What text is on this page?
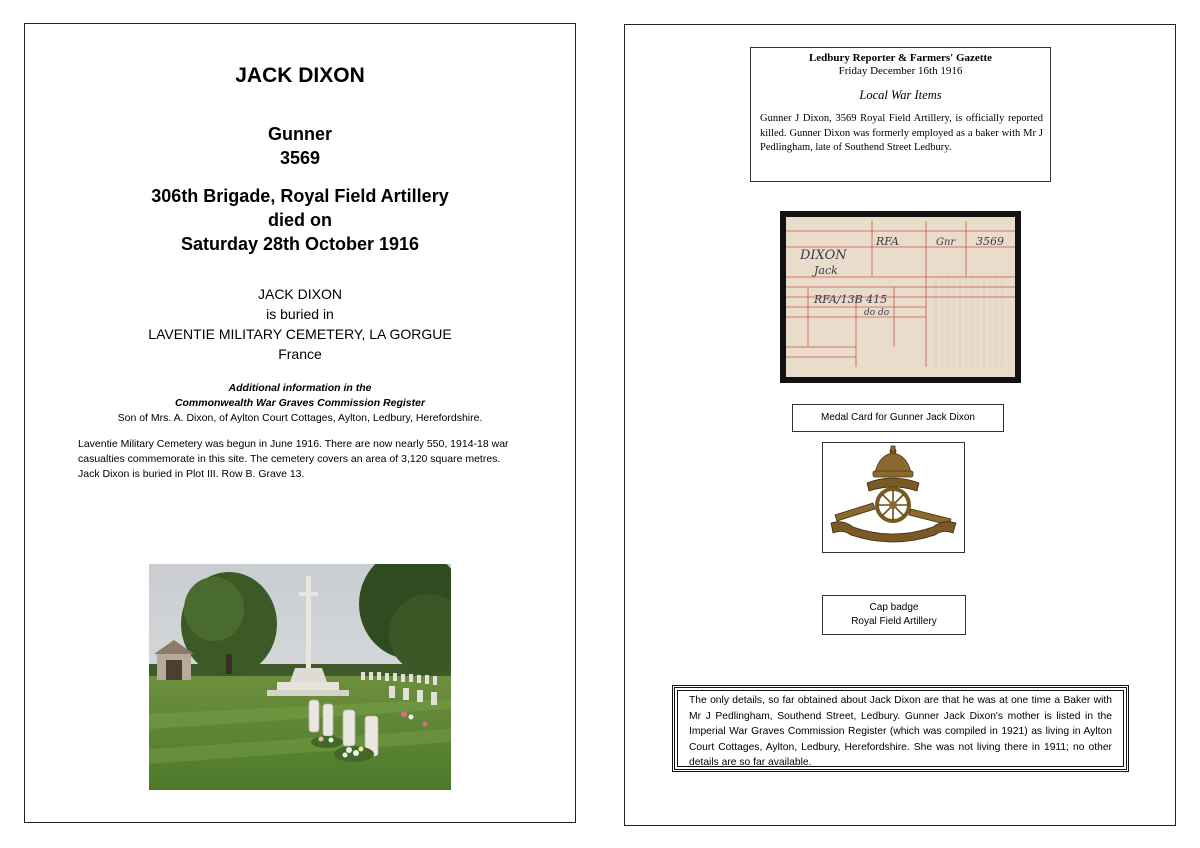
JACK DIXON
Gunner
3569
306th Brigade, Royal Field Artillery
died on
Saturday 28th October 1916
JACK DIXON
is buried in
LAVENTIE MILITARY CEMETERY, LA GORGUE
France
Additional information in the
Commonwealth War Graves Commission Register
Son of Mrs. A. Dixon, of Aylton Court Cottages, Aylton, Ledbury, Herefordshire.
Laventie Military Cemetery was begun in June 1916. There are now nearly 550, 1914-18 war casualties commemorate in this site. The cemetery covers an area of 3,120 square metres. Jack Dixon is buried in Plot III. Row B. Grave 13.
Ledbury Reporter & Farmers' Gazette
Friday December 16th 1916
Local War Items
Gunner J Dixon, 3569 Royal Field Artillery, is officially reported killed. Gunner Dixon was formerly employed as a baker with Mr J Pedlingham, late of Southend Street Ledbury.
DIXON
Jack
RFA	Gnr 3569
RFA/13B 415
do do
Medal Card for Gunner Jack Dixon
Cap badge
Royal Field Artillery

The only details, so far obtained about Jack Dixon are that he was at one time a Baker with Mr J Pedlingham, Southend Street, Ledbury. Gunner Jack Dixon's mother is listed in the Imperial War Graves Commission Register (which was compiled in 1921) as living in Aylton Court Cottages, Aylton, Ledbury, Herefordshire. She was not living there in 1911; no other details are so far available.
